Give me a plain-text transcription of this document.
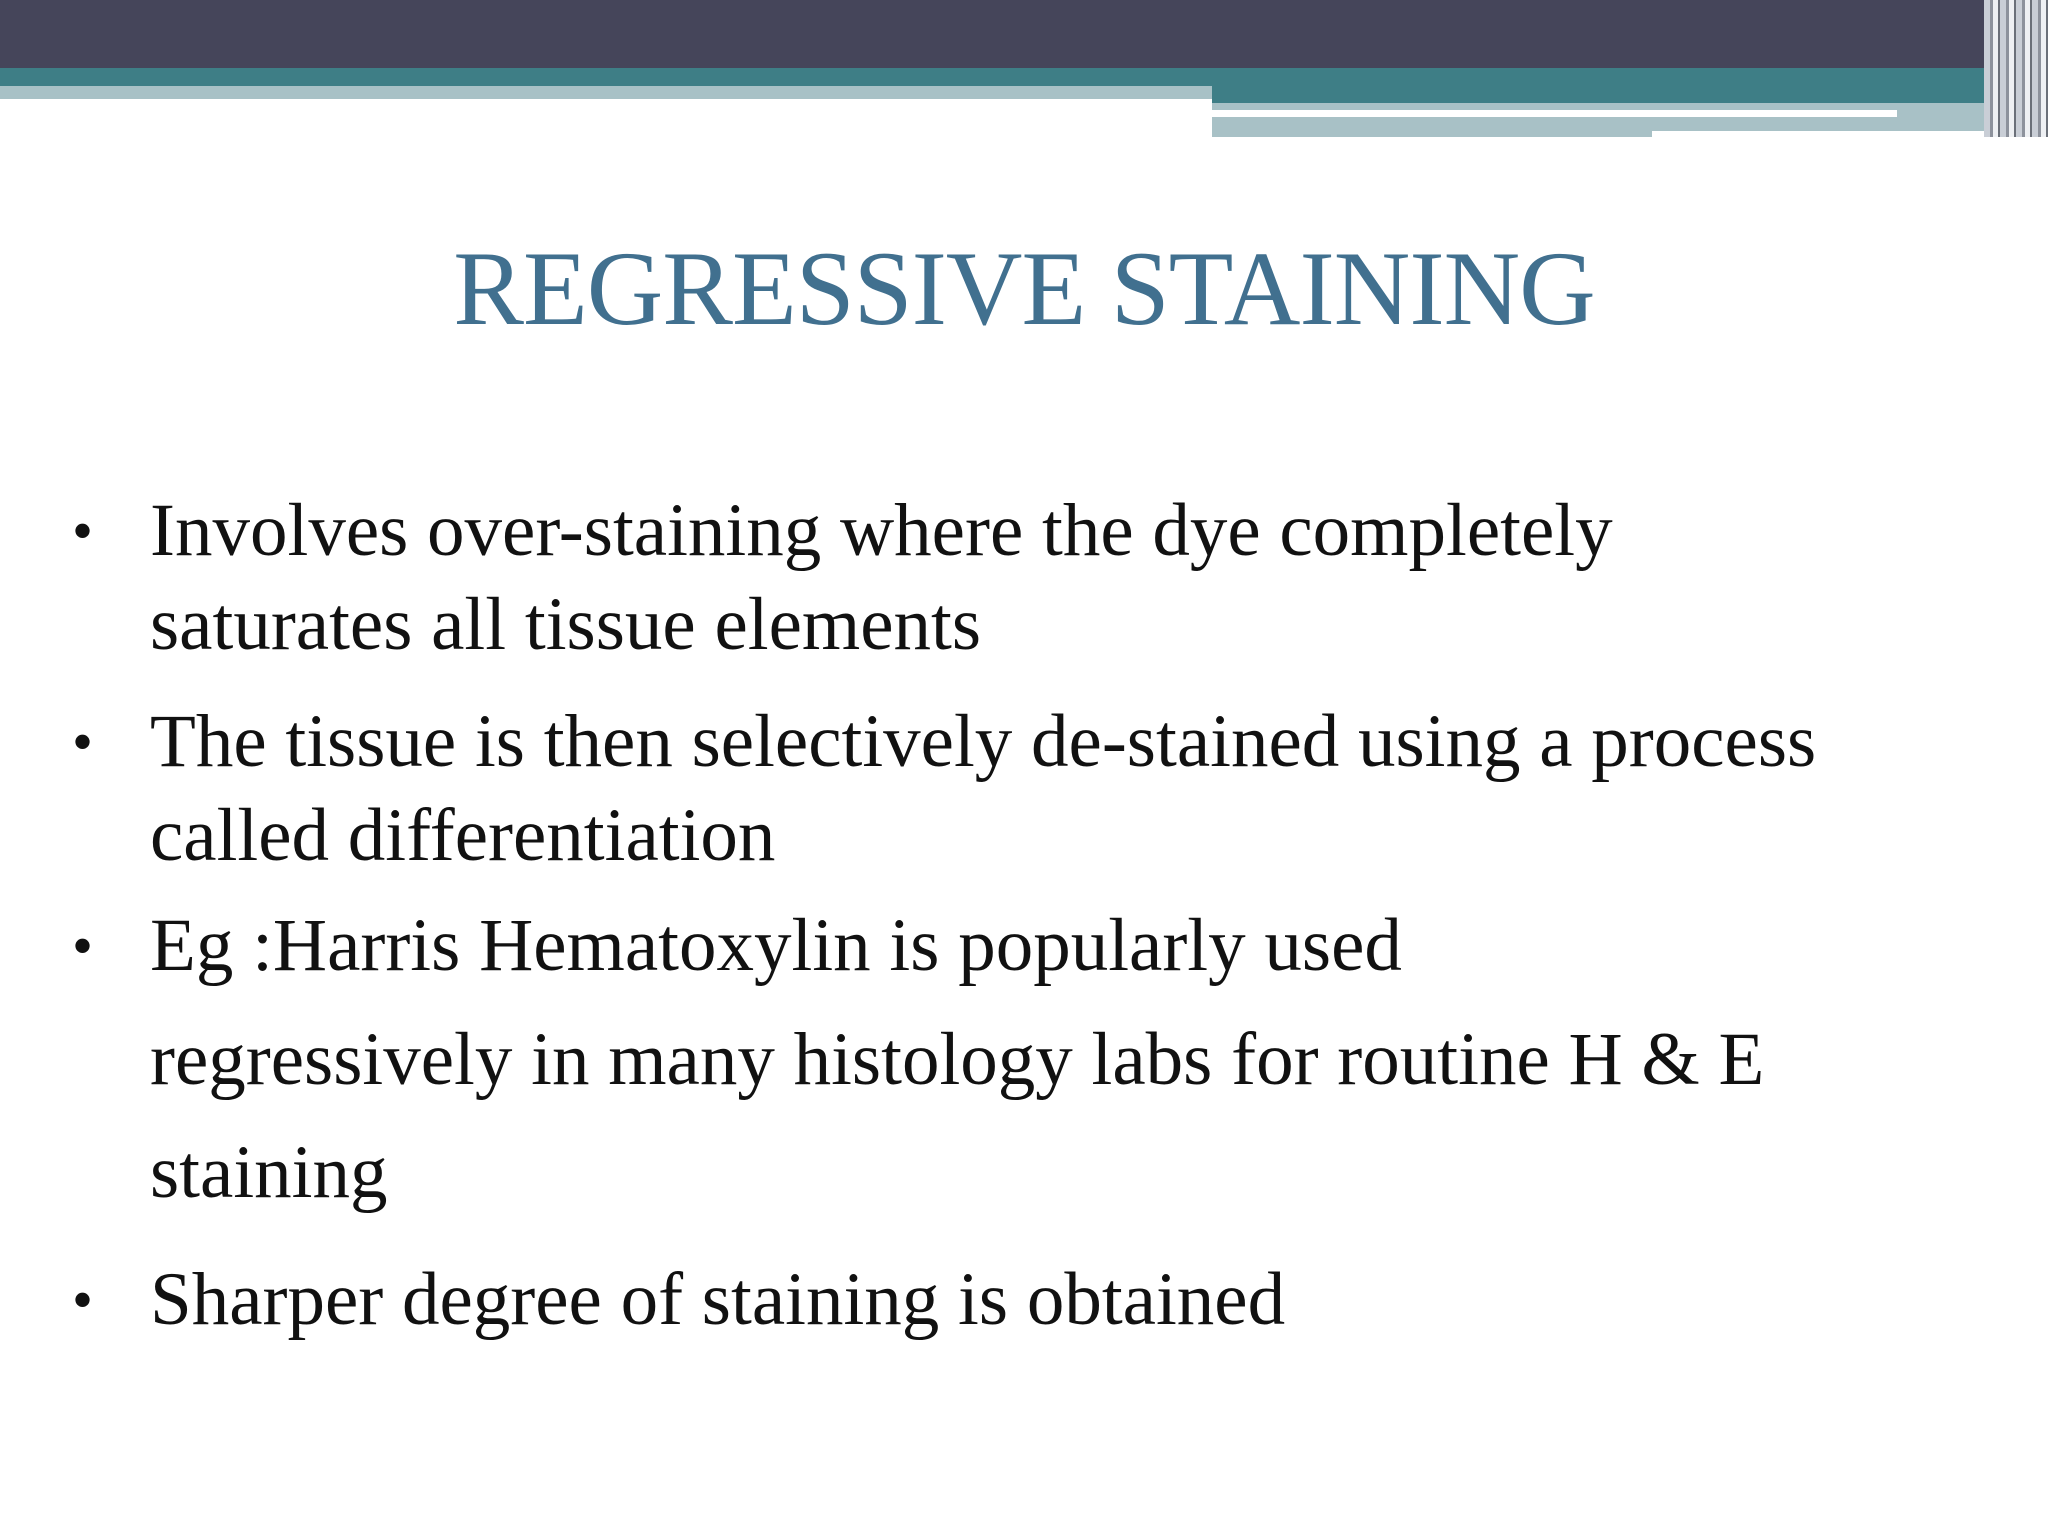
REGRESSIVE STAINING
• Involves over-staining where the dye completely
saturates all tissue elements
• The tissue is then selectively de-stained using a process
called differentiation
• Eg :Harris Hematoxylin is popularly used
regressively in many histology labs for routine H & E
staining
• Sharper degree of staining is obtained
